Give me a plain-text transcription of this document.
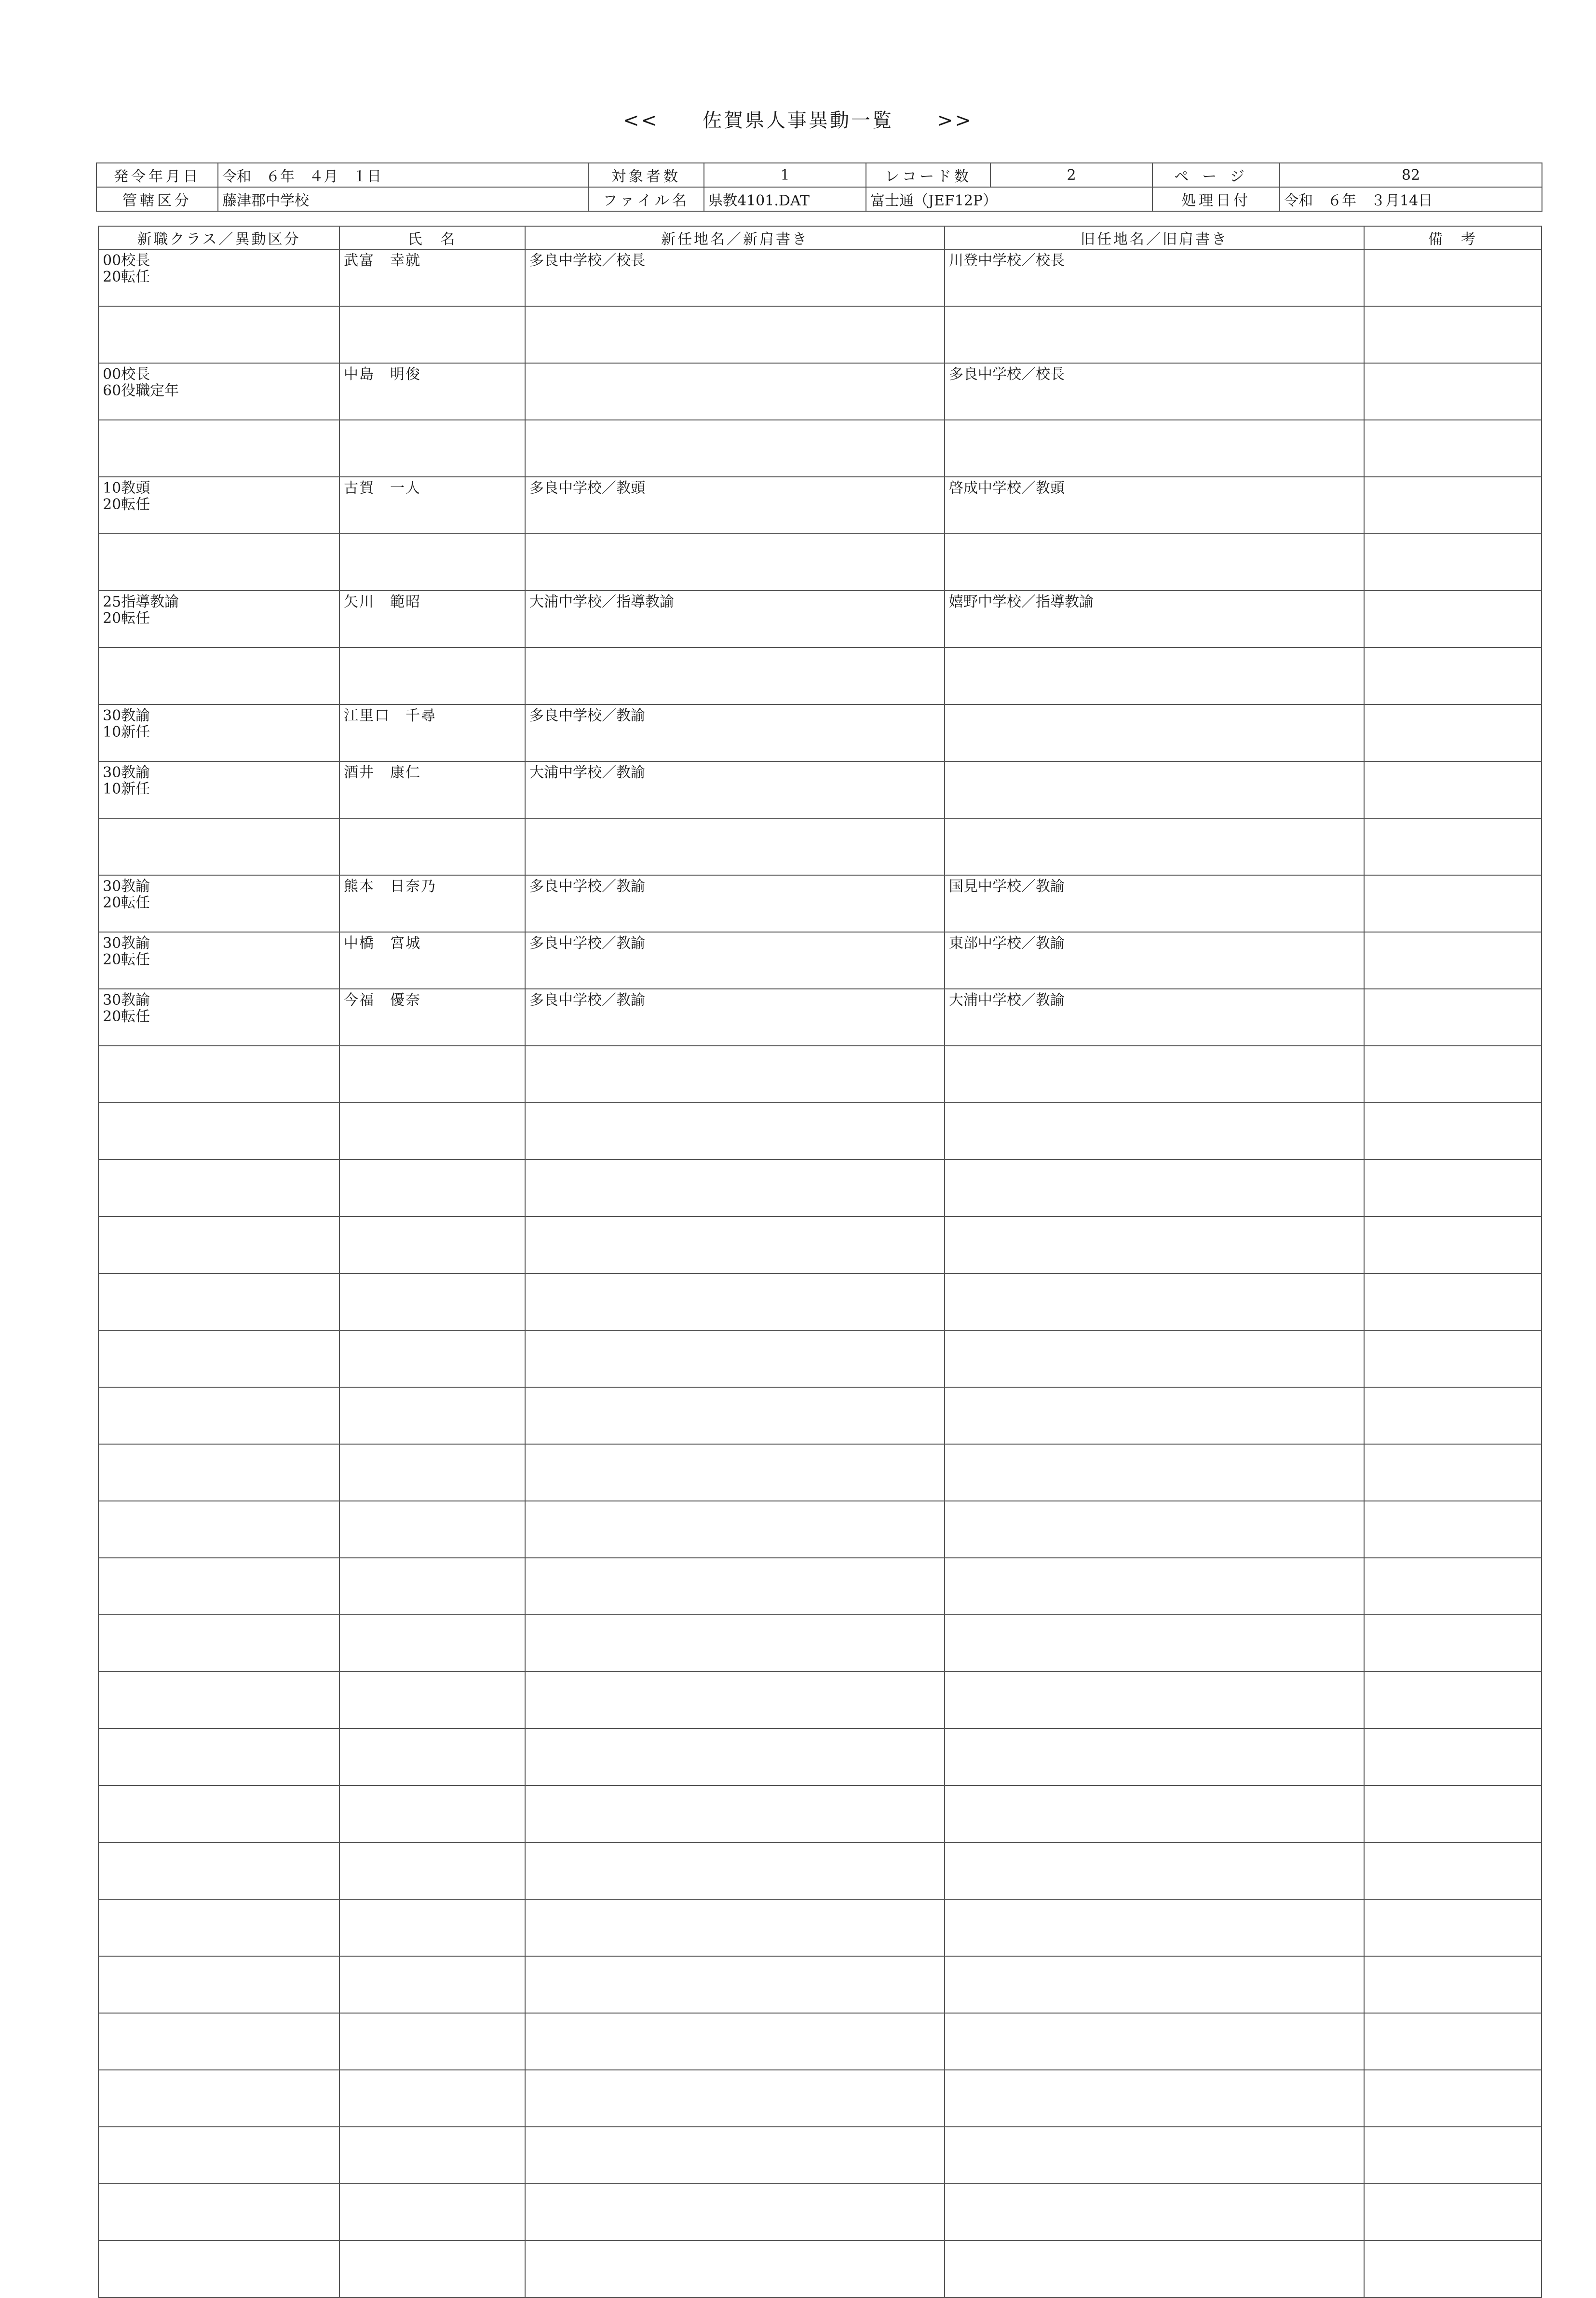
<< 佐賀県人事異動一覧 >>
発令年月日	令和　６年　４月　１日	対象者数	1	レコード数	2	ページ	82
管轄区分	藤津郡中学校	ファイル名	県教4101.DAT	富士通（JEF12P）		処理日付	令和　６年　３月14日
新職クラス／異動区分	氏　名	新任地名／新肩書き	旧任地名／旧肩書き	備　考

00校長
20転任	武富　幸就	多良中学校／校長	川登中学校／校長	

00校長
60役職定年	中島　明俊		多良中学校／校長	

10教頭
20転任	古賀　一人	多良中学校／教頭	啓成中学校／教頭	

25指導教諭
20転任	矢川　範昭	大浦中学校／指導教諭	嬉野中学校／指導教諭	

30教諭
10新任	江里口　千尋	多良中学校／教諭		

30教諭
10新任	酒井　康仁	大浦中学校／教諭		

30教諭
20転任	熊本　日奈乃	多良中学校／教諭	国見中学校／教諭	

30教諭
20転任	中橋　宮城	多良中学校／教諭	東部中学校／教諭	

30教諭
20転任	今福　優奈	多良中学校／教諭	大浦中学校／教諭	
